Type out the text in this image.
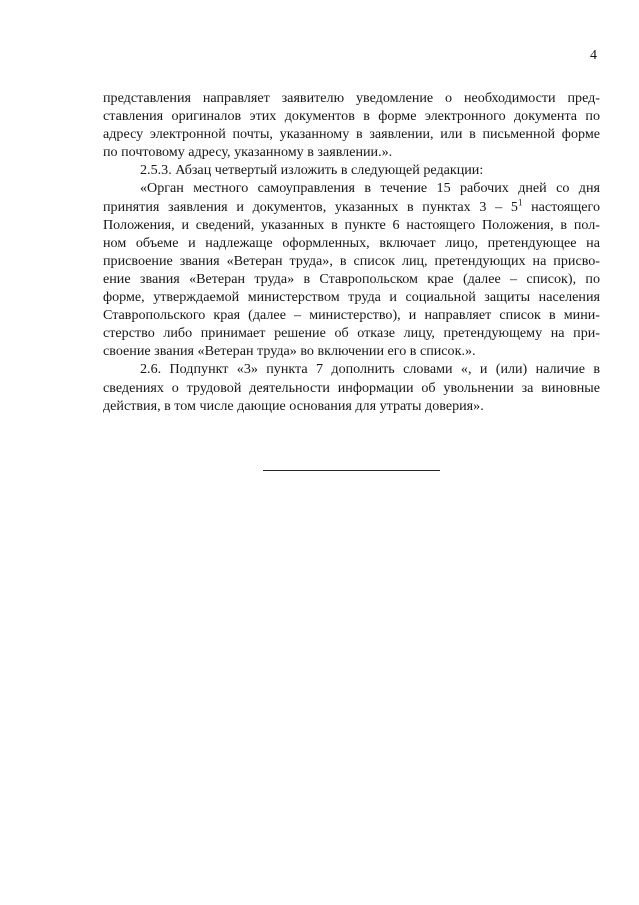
4
представления направляет заявителю уведомление о необходимости пред-
ставления оригиналов этих документов в форме электронного документа по
адресу электронной почты, указанному в заявлении, или в письменной форме
по почтовому адресу, указанному в заявлении.».
2.5.3. Абзац четвертый изложить в следующей редакции:
«Орган местного самоуправления в течение 15 рабочих дней со дня
принятия заявления и документов, указанных в пунктах $3 - 5^1$ настоящего
Положения, и сведений, указанных в пункте 6 настоящего Положения, в пол-
ном объеме и надлежаще оформленных, включает лицо, претендующее на
присвоение звания «Ветеран труда», в список лиц, претендующих на присво-
ение звания «Ветеран труда» в Ставропольском крае (далее – список), по
форме, утверждаемой министерством труда и социальной защиты населения
Ставропольского края (далее – министерство), и направляет список в мини-
стерство либо принимает решение об отказе лицу, претендующему на при-
своение звания «Ветеран труда» во включении его в список.».
2.6. Подпункт «3» пункта 7 дополнить словами «, и (или) наличие в
сведениях о трудовой деятельности информации об увольнении за виновные
действия, в том числе дающие основания для утраты доверия».
